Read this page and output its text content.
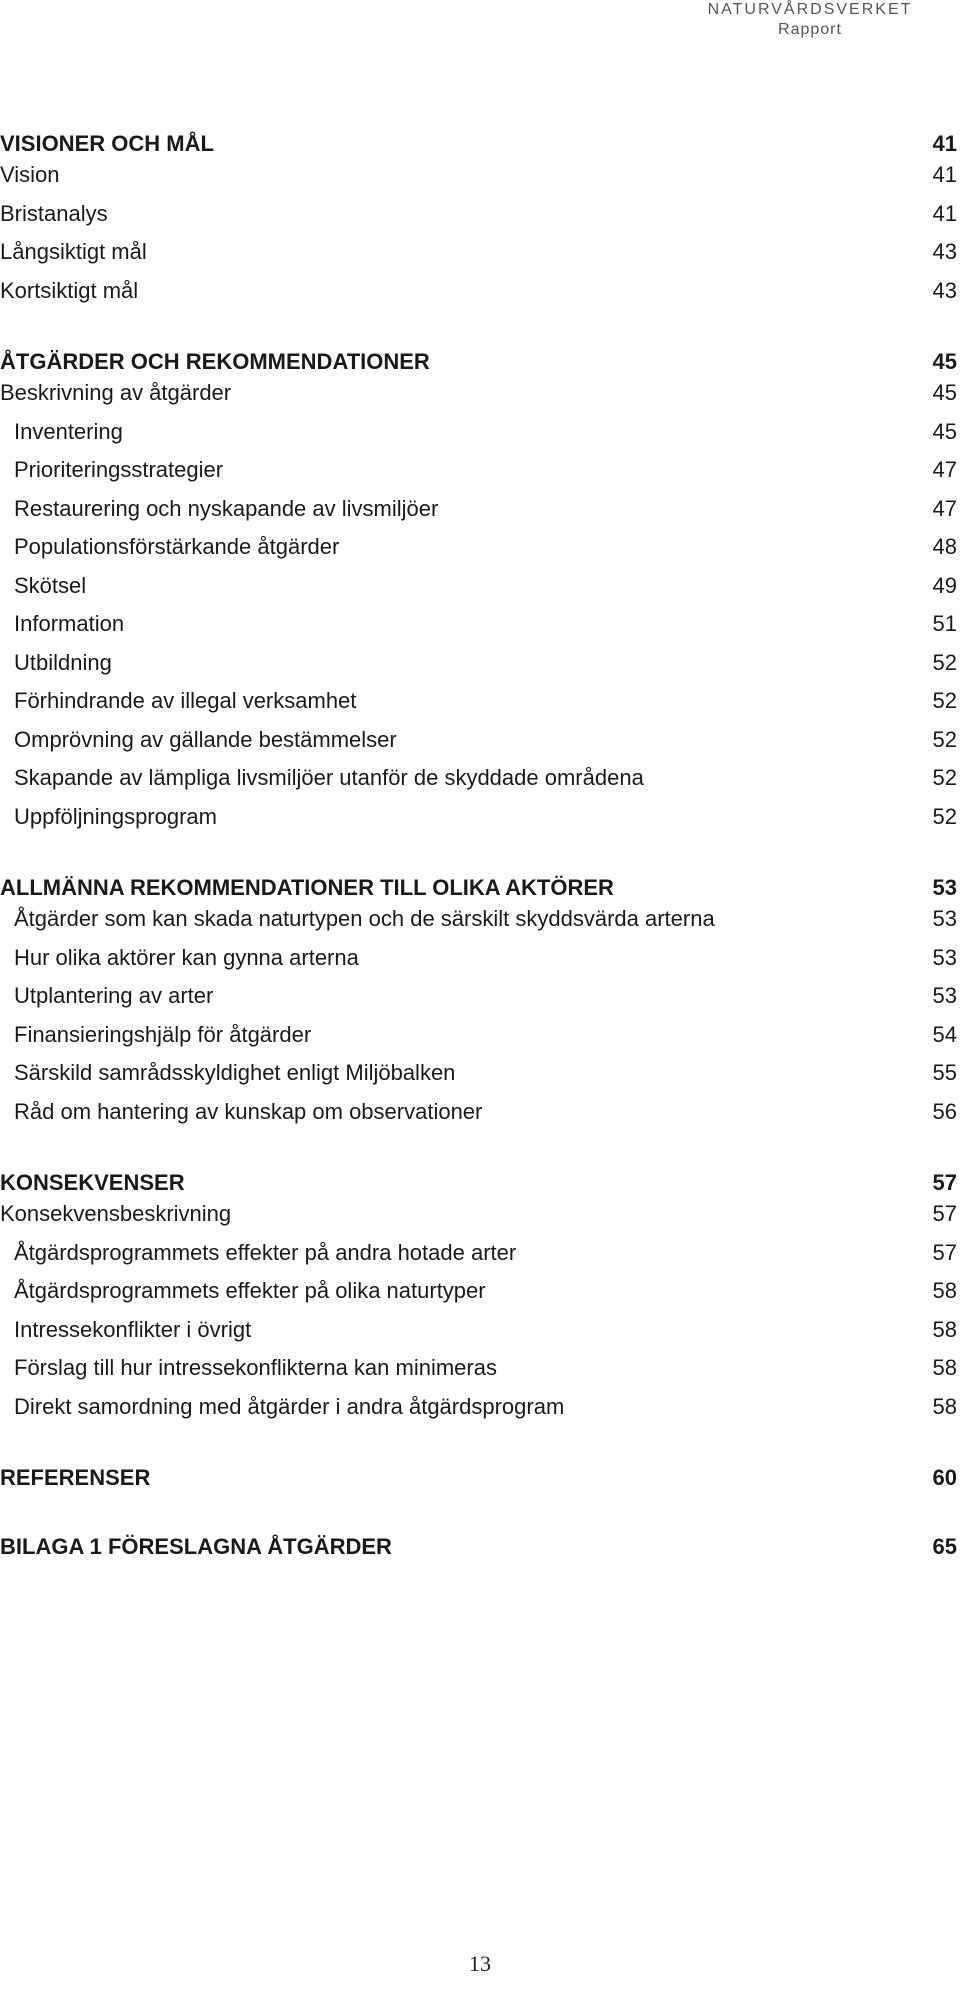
NATURVÅRDSVERKET
Rapport
VISIONER OCH MÅL	41
Vision	41
Bristanalys	41
Långsiktigt mål	43
Kortsiktigt mål	43
ÅTGÄRDER OCH REKOMMENDATIONER	45
Beskrivning av åtgärder	45
Inventering	45
Prioriteringsstrategier	47
Restaurering och nyskapande av livsmiljöer	47
Populationsförstärkande åtgärder	48
Skötsel	49
Information	51
Utbildning	52
Förhindrande av illegal verksamhet	52
Omprövning av gällande bestämmelser	52
Skapande av lämpliga livsmiljöer utanför de skyddade områdena	52
Uppföljningsprogram	52
ALLMÄNNA REKOMMENDATIONER TILL OLIKA AKTÖRER	53
Åtgärder som kan skada naturtypen och de särskilt skyddsvärda arterna	53
Hur olika aktörer kan gynna arterna	53
Utplantering av arter	53
Finansieringshjälp för åtgärder	54
Särskild samrådsskyldighet enligt Miljöbalken	55
Råd om hantering av kunskap om observationer	56
KONSEKVENSER	57
Konsekvensbeskrivning	57
Åtgärdsprogrammets effekter på andra hotade arter	57
Åtgärdsprogrammets effekter på olika naturtyper	58
Intressekonflikter i övrigt	58
Förslag till hur intressekonflikterna kan minimeras	58
Direkt samordning med åtgärder i andra åtgärdsprogram	58
REFERENSER	60
BILAGA 1 FÖRESLAGNA ÅTGÄRDER	65
13
